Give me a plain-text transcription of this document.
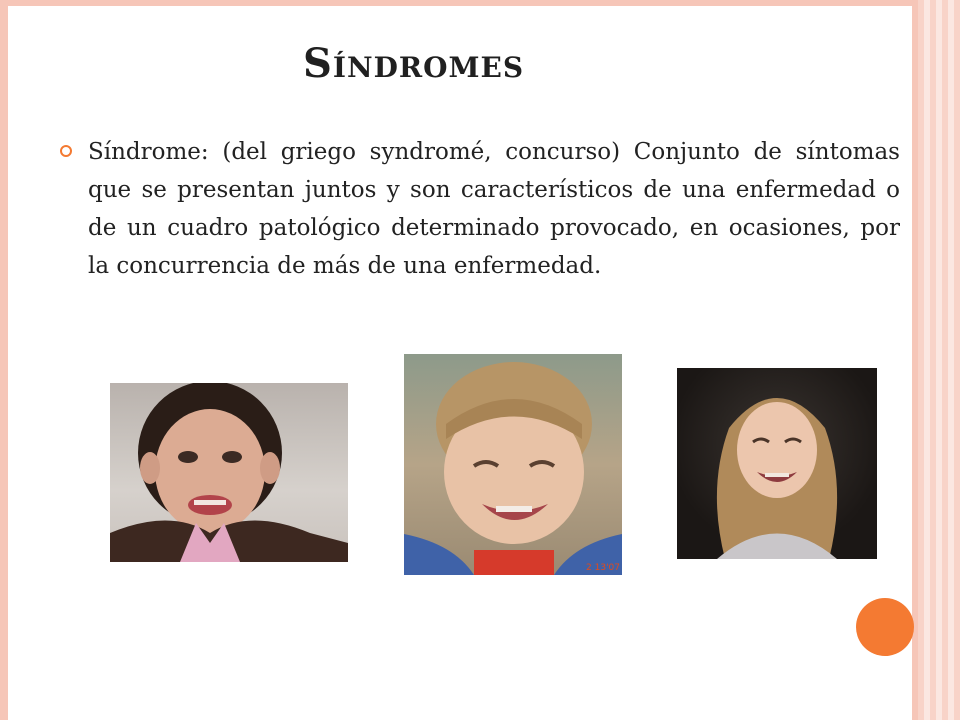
Síndromes

Síndrome: (del griego syndromé, concurso) Conjunto de síntomas que se presentan juntos y son característicos de una enfermedad o de un cuadro patológico determinado provocado, en ocasiones, por la concurrencia de más de una enfermedad.

2 13'07
